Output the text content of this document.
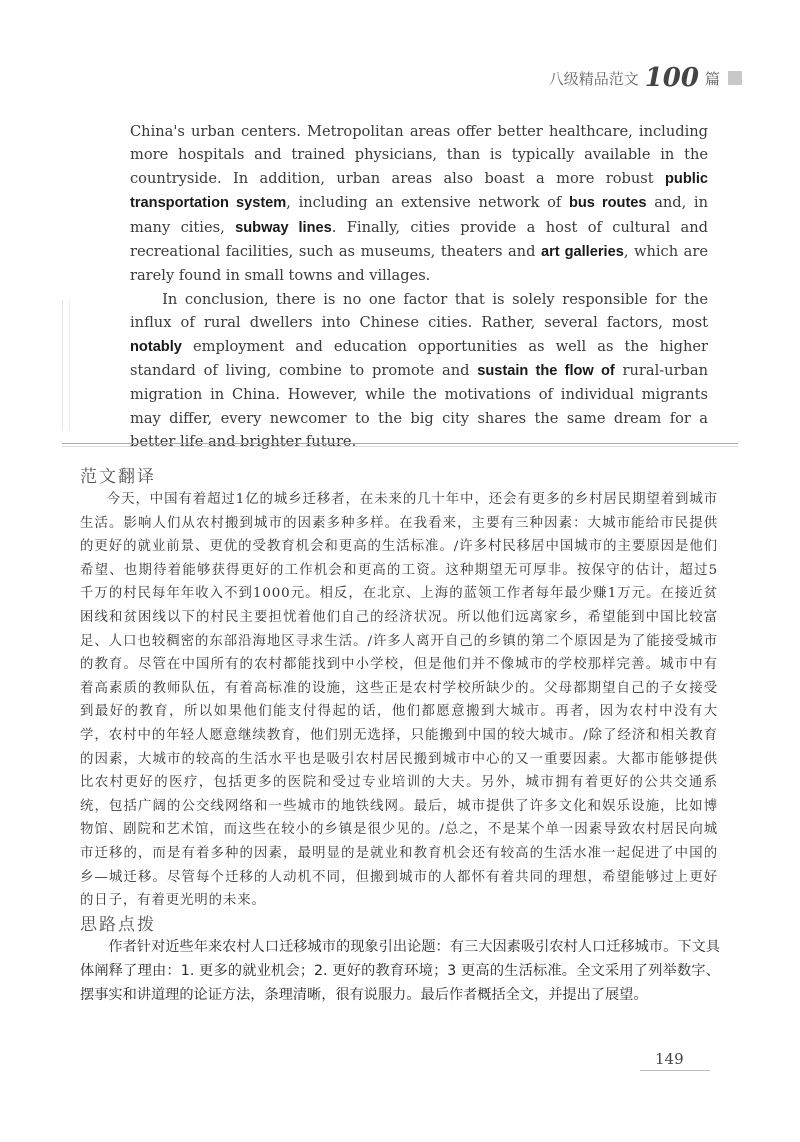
八级精品范文 100 篇

China's urban centers. Metropolitan areas offer better healthcare, including more hospitals and trained physicians, than is typically available in the countryside. In addition, urban areas also boast a more robust public transportation system, including an extensive network of bus routes and, in many cities, subway lines. Finally, cities provide a host of cultural and recreational facilities, such as museums, theaters and art galleries, which are rarely found in small towns and villages.

In conclusion, there is no one factor that is solely responsible for the influx of rural dwellers into Chinese cities. Rather, several factors, most notably employment and education opportunities as well as the higher standard of living, combine to promote and sustain the flow of rural-urban migration in China. However, while the motivations of individual migrants may differ, every newcomer to the big city shares the same dream for a better life and brighter future.

范文翻译

今天，中国有着超过1亿的城乡迁移者，在未来的几十年中，还会有更多的乡村居民期望着到城市生活。影响人们从农村搬到城市的因素多种多样。在我看来，主要有三种因素：大城市能给市民提供的更好的就业前景、更优的受教育机会和更高的生活标准。/许多村民移居中国城市的主要原因是他们希望、也期待着能够获得更好的工作机会和更高的工资。这种期望无可厚非。按保守的估计，超过5千万的村民每年年收入不到1000元。相反，在北京、上海的蓝领工作者每年最少赚1万元。在接近贫困线和贫困线以下的村民主要担忧着他们自己的经济状况。所以他们远离家乡，希望能到中国比较富足、人口也较稠密的东部沿海地区寻求生活。/许多人离开自己的乡镇的第二个原因是为了能接受城市的教育。尽管在中国所有的农村都能找到中小学校，但是他们并不像城市的学校那样完善。城市中有着高素质的教师队伍，有着高标准的设施，这些正是农村学校所缺少的。父母都期望自己的子女接受到最好的教育，所以如果他们能支付得起的话，他们都愿意搬到大城市。再者，因为农村中没有大学，农村中的年轻人愿意继续教育，他们别无选择，只能搬到中国的较大城市。/除了经济和相关教育的因素，大城市的较高的生活水平也是吸引农村居民搬到城市中心的又一重要因素。大都市能够提供比农村更好的医疗，包括更多的医院和受过专业培训的大夫。另外，城市拥有着更好的公共交通系统，包括广阔的公交线网络和一些城市的地铁线网。最后，城市提供了许多文化和娱乐设施，比如博物馆、剧院和艺术馆，而这些在较小的乡镇是很少见的。/总之，不是某个单一因素导致农村居民向城市迁移的，而是有着多种的因素，最明显的是就业和教育机会还有较高的生活水准一起促进了中国的乡—城迁移。尽管每个迁移的人动机不同，但搬到城市的人都怀有着共同的理想，希望能够过上更好的日子，有着更光明的未来。

思路点拨

作者针对近些年来农村人口迁移城市的现象引出论题：有三大因素吸引农村人口迁移城市。下文具体阐释了理由：1. 更多的就业机会；2. 更好的教育环境；3 更高的生活标准。全文采用了列举数字、摆事实和讲道理的论证方法，条理清晰，很有说服力。最后作者概括全文，并提出了展望。

149
